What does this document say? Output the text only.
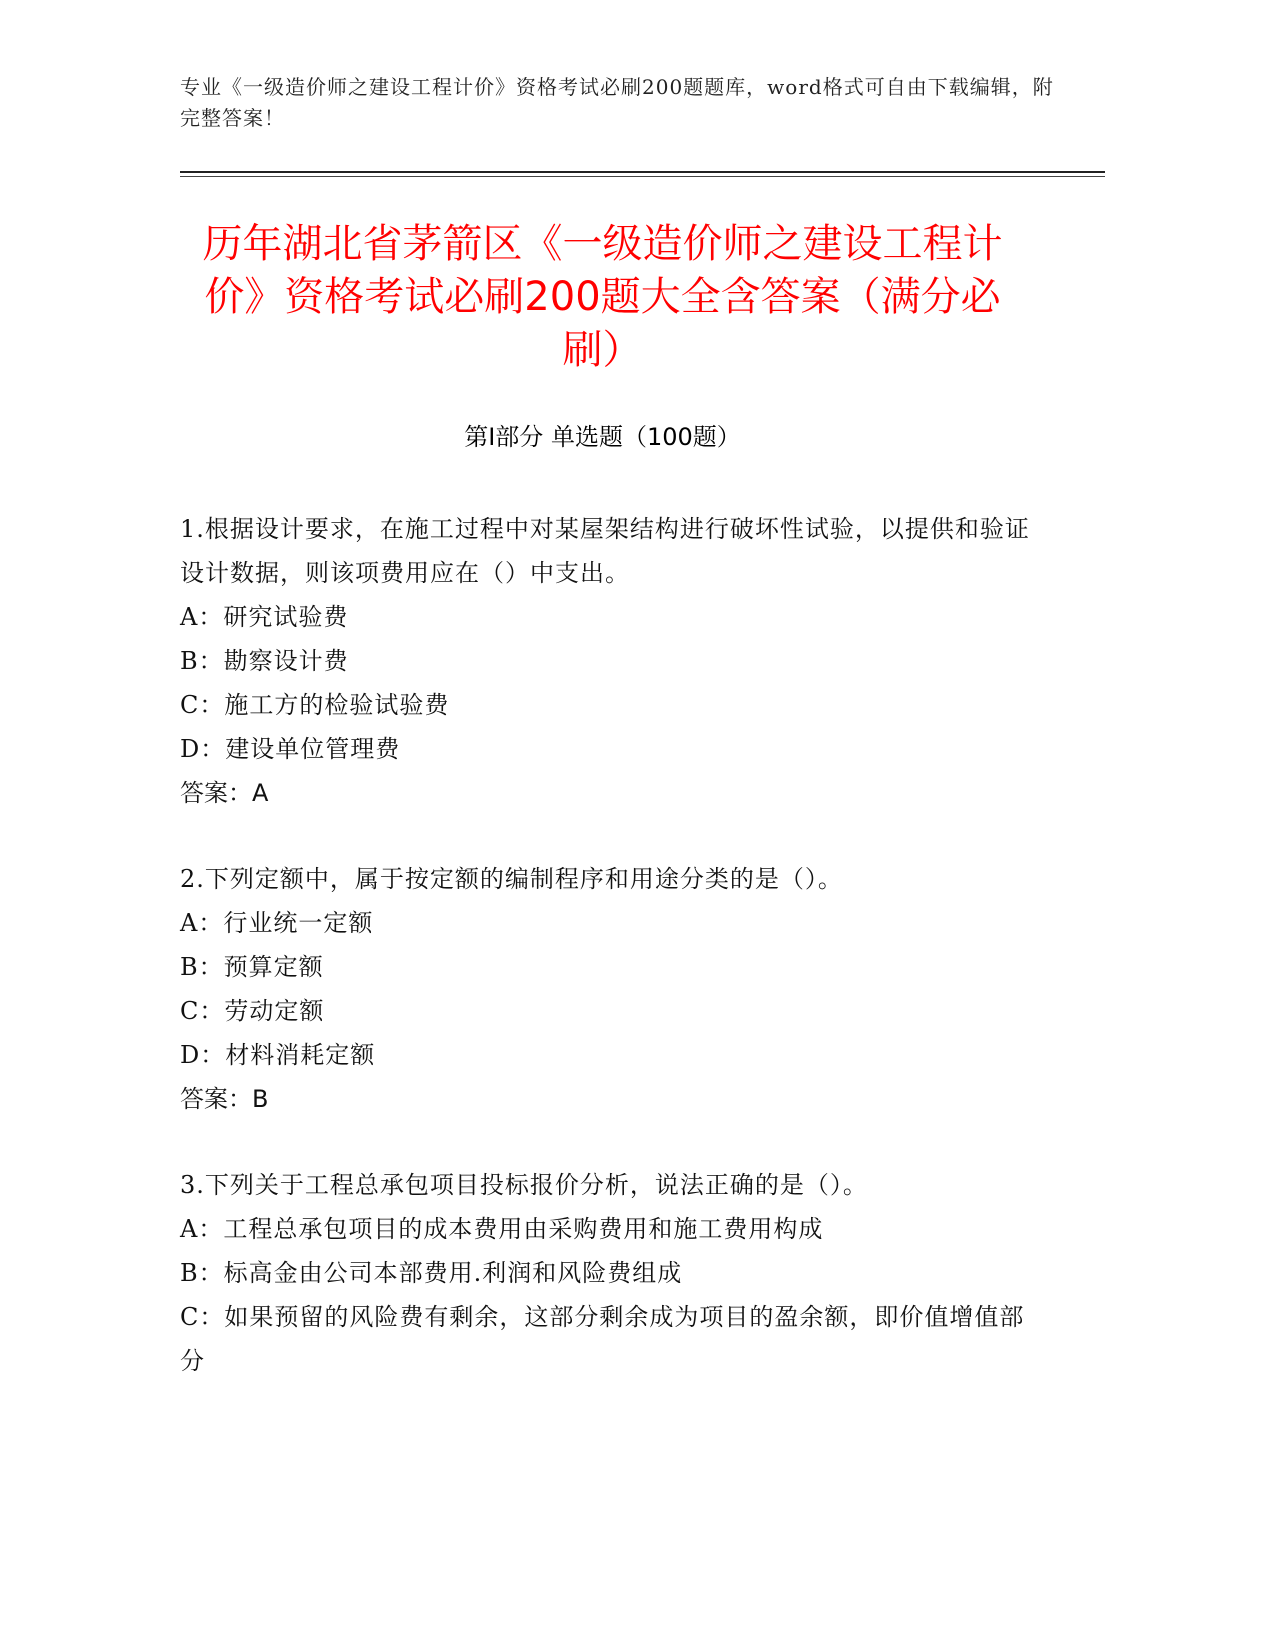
专业《一级造价师之建设工程计价》资格考试必刷200题题库，word格式可自由下载编辑，附完整答案！
历年湖北省茅箭区《一级造价师之建设工程计价》资格考试必刷200题大全含答案（满分必刷）
第Ⅰ部分 单选题（100题）

1.根据设计要求，在施工过程中对某屋架结构进行破坏性试验，以提供和验证设计数据，则该项费用应在（）中支出。

A：研究试验费

B：勘察设计费

C：施工方的检验试验费

D：建设单位管理费

答案：A

2.下列定额中，属于按定额的编制程序和用途分类的是（）。

A：行业统一定额

B：预算定额

C：劳动定额

D：材料消耗定额

答案：B

3.下列关于工程总承包项目投标报价分析，说法正确的是（）。

A：工程总承包项目的成本费用由采购费用和施工费用构成

B：标高金由公司本部费用.利润和风险费组成

C：如果预留的风险费有剩余，这部分剩余成为项目的盈余额，即价值增值部分
